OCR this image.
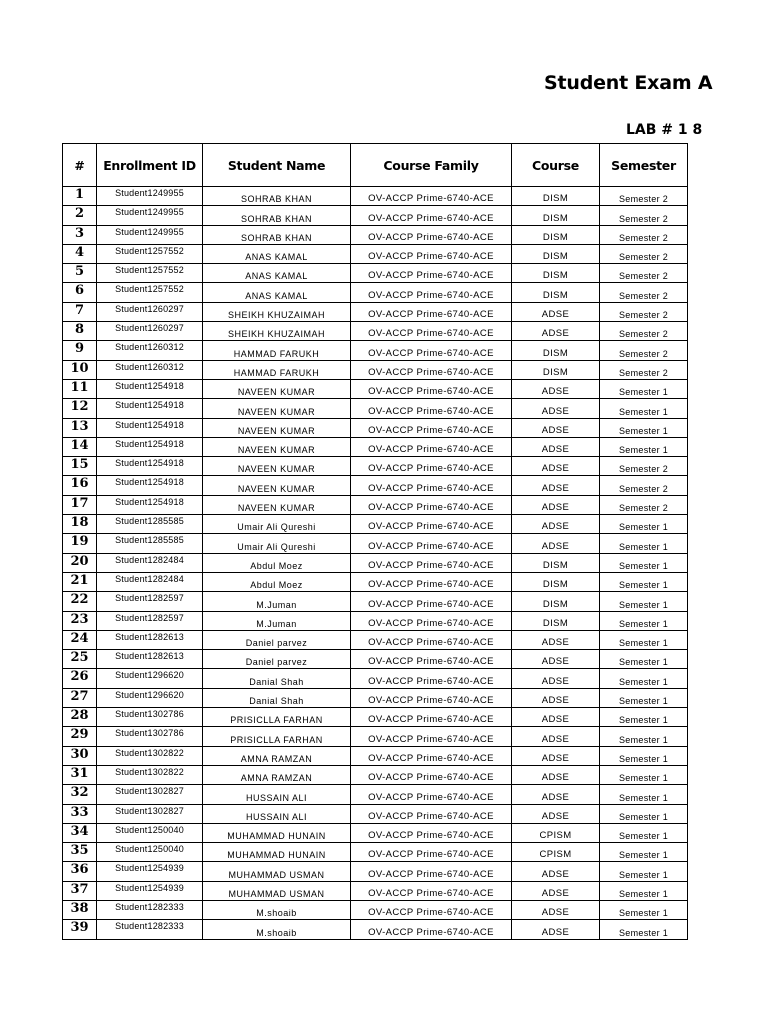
Student Exam A
LAB # 1 8
#	Enrollment ID	Student Name	Course Family	Course	Semester
1	Student1249955	SOHRAB KHAN	OV-ACCP Prime-6740-ACE	DISM	Semester 2
2	Student1249955	SOHRAB KHAN	OV-ACCP Prime-6740-ACE	DISM	Semester 2
3	Student1249955	SOHRAB KHAN	OV-ACCP Prime-6740-ACE	DISM	Semester 2
4	Student1257552	ANAS KAMAL	OV-ACCP Prime-6740-ACE	DISM	Semester 2
5	Student1257552	ANAS KAMAL	OV-ACCP Prime-6740-ACE	DISM	Semester 2
6	Student1257552	ANAS KAMAL	OV-ACCP Prime-6740-ACE	DISM	Semester 2
7	Student1260297	SHEIKH KHUZAIMAH	OV-ACCP Prime-6740-ACE	ADSE	Semester 2
8	Student1260297	SHEIKH KHUZAIMAH	OV-ACCP Prime-6740-ACE	ADSE	Semester 2
9	Student1260312	HAMMAD FARUKH	OV-ACCP Prime-6740-ACE	DISM	Semester 2
10	Student1260312	HAMMAD FARUKH	OV-ACCP Prime-6740-ACE	DISM	Semester 2
11	Student1254918	NAVEEN KUMAR	OV-ACCP Prime-6740-ACE	ADSE	Semester 1
12	Student1254918	NAVEEN KUMAR	OV-ACCP Prime-6740-ACE	ADSE	Semester 1
13	Student1254918	NAVEEN KUMAR	OV-ACCP Prime-6740-ACE	ADSE	Semester 1
14	Student1254918	NAVEEN KUMAR	OV-ACCP Prime-6740-ACE	ADSE	Semester 1
15	Student1254918	NAVEEN KUMAR	OV-ACCP Prime-6740-ACE	ADSE	Semester 2
16	Student1254918	NAVEEN KUMAR	OV-ACCP Prime-6740-ACE	ADSE	Semester 2
17	Student1254918	NAVEEN KUMAR	OV-ACCP Prime-6740-ACE	ADSE	Semester 2
18	Student1285585	Umair Ali Qureshi	OV-ACCP Prime-6740-ACE	ADSE	Semester 1
19	Student1285585	Umair Ali Qureshi	OV-ACCP Prime-6740-ACE	ADSE	Semester 1
20	Student1282484	Abdul Moez	OV-ACCP Prime-6740-ACE	DISM	Semester 1
21	Student1282484	Abdul Moez	OV-ACCP Prime-6740-ACE	DISM	Semester 1
22	Student1282597	M.Juman	OV-ACCP Prime-6740-ACE	DISM	Semester 1
23	Student1282597	M.Juman	OV-ACCP Prime-6740-ACE	DISM	Semester 1
24	Student1282613	Daniel parvez	OV-ACCP Prime-6740-ACE	ADSE	Semester 1
25	Student1282613	Daniel parvez	OV-ACCP Prime-6740-ACE	ADSE	Semester 1
26	Student1296620	Danial Shah	OV-ACCP Prime-6740-ACE	ADSE	Semester 1
27	Student1296620	Danial Shah	OV-ACCP Prime-6740-ACE	ADSE	Semester 1
28	Student1302786	PRISICLLA FARHAN	OV-ACCP Prime-6740-ACE	ADSE	Semester 1
29	Student1302786	PRISICLLA FARHAN	OV-ACCP Prime-6740-ACE	ADSE	Semester 1
30	Student1302822	AMNA RAMZAN	OV-ACCP Prime-6740-ACE	ADSE	Semester 1
31	Student1302822	AMNA RAMZAN	OV-ACCP Prime-6740-ACE	ADSE	Semester 1
32	Student1302827	HUSSAIN ALI	OV-ACCP Prime-6740-ACE	ADSE	Semester 1
33	Student1302827	HUSSAIN ALI	OV-ACCP Prime-6740-ACE	ADSE	Semester 1
34	Student1250040	MUHAMMAD HUNAIN	OV-ACCP Prime-6740-ACE	CPISM	Semester 1
35	Student1250040	MUHAMMAD HUNAIN	OV-ACCP Prime-6740-ACE	CPISM	Semester 1
36	Student1254939	MUHAMMAD USMAN	OV-ACCP Prime-6740-ACE	ADSE	Semester 1
37	Student1254939	MUHAMMAD USMAN	OV-ACCP Prime-6740-ACE	ADSE	Semester 1
38	Student1282333	M.shoaib	OV-ACCP Prime-6740-ACE	ADSE	Semester 1
39	Student1282333	M.shoaib	OV-ACCP Prime-6740-ACE	ADSE	Semester 1
